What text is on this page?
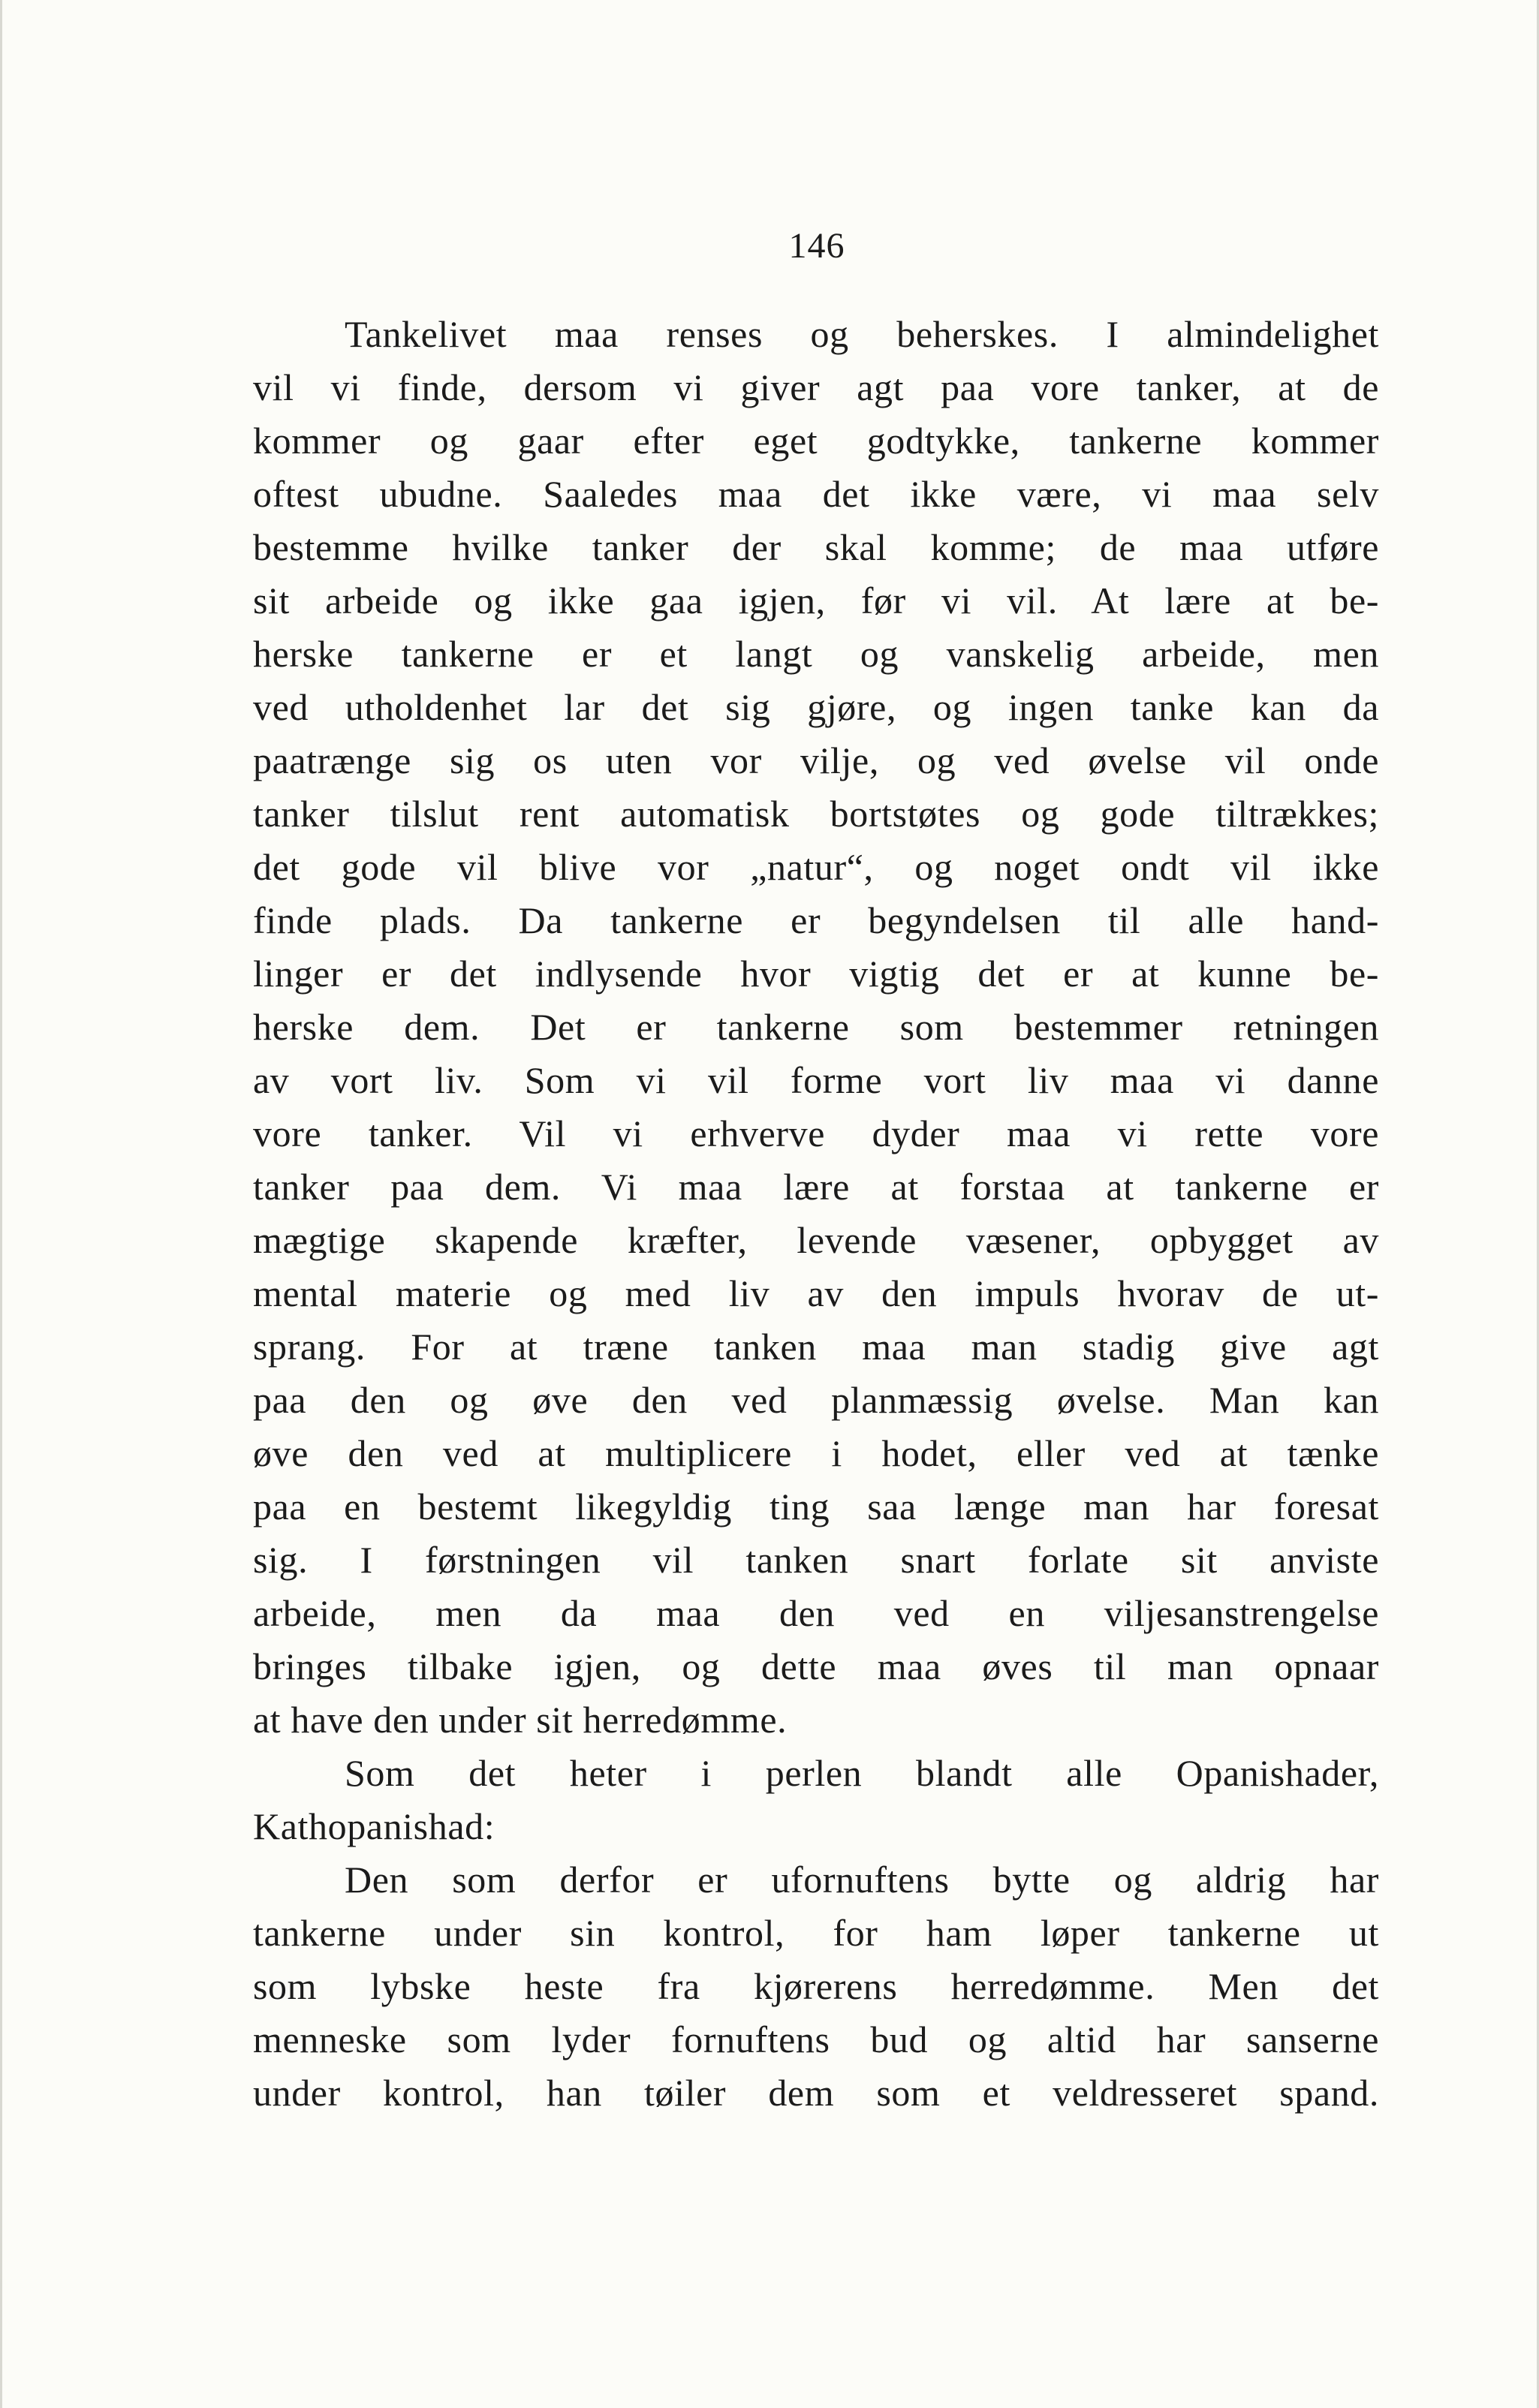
146
Tankelivet maa renses og beherskes. I almindelighet
vil vi finde, dersom vi giver agt paa vore tanker, at de
kommer og gaar efter eget godtykke, tankerne kommer
oftest ubudne. Saaledes maa det ikke være, vi maa selv
bestemme hvilke tanker der skal komme; de maa utføre
sit arbeide og ikke gaa igjen, før vi vil. At lære at be-
herske tankerne er et langt og vanskelig arbeide, men
ved utholdenhet lar det sig gjøre, og ingen tanke kan da
paatrænge sig os uten vor vilje, og ved øvelse vil onde
tanker tilslut rent automatisk bortstøtes og gode tiltrækkes;
det gode vil blive vor „natur“, og noget ondt vil ikke
finde plads. Da tankerne er begyndelsen til alle hand-
linger er det indlysende hvor vigtig det er at kunne be-
herske dem. Det er tankerne som bestemmer retningen
av vort liv. Som vi vil forme vort liv maa vi danne
vore tanker. Vil vi erhverve dyder maa vi rette vore
tanker paa dem. Vi maa lære at forstaa at tankerne er
mægtige skapende kræfter, levende væsener, opbygget av
mental materie og med liv av den impuls hvorav de ut-
sprang. For at træne tanken maa man stadig give agt
paa den og øve den ved planmæssig øvelse. Man kan
øve den ved at multiplicere i hodet, eller ved at tænke
paa en bestemt likegyldig ting saa længe man har foresat
sig. I førstningen vil tanken snart forlate sit anviste
arbeide, men da maa den ved en viljesanstrengelse
bringes tilbake igjen, og dette maa øves til man opnaar
at have den under sit herredømme.
Som det heter i perlen blandt alle Opanishader,
Kathopanishad:
Den som derfor er ufornuftens bytte og aldrig har
tankerne under sin kontrol, for ham løper tankerne ut
som lybske heste fra kjørerens herredømme. Men det
menneske som lyder fornuftens bud og altid har sanserne
under kontrol, han tøiler dem som et veldresseret spand.
